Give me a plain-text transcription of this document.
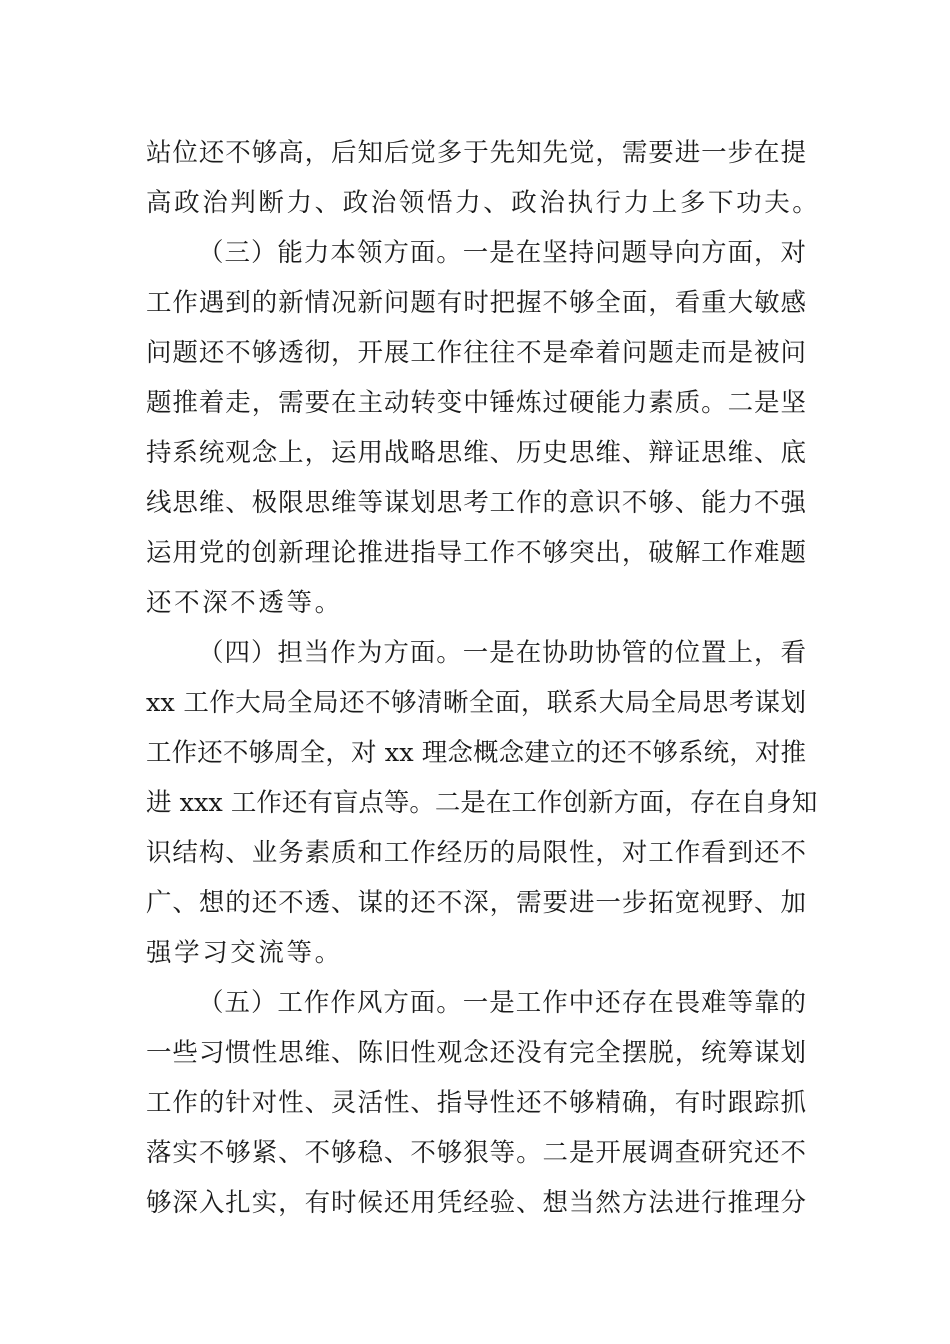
站位还不够高，后知后觉多于先知先觉，需要进一步在提
高政治判断力、政治领悟力、政治执行力上多下功夫。
（三）能力本领方面。一是在坚持问题导向方面，对
工作遇到的新情况新问题有时把握不够全面，看重大敏感
问题还不够透彻，开展工作往往不是牵着问题走而是被问
题推着走，需要在主动转变中锤炼过硬能力素质。二是坚
持系统观念上，运用战略思维、历史思维、辩证思维、底
线思维、极限思维等谋划思考工作的意识不够、能力不强
运用党的创新理论推进指导工作不够突出，破解工作难题
还不深不透等。
（四）担当作为方面。一是在协助协管的位置上，看
xx 工作大局全局还不够清晰全面，联系大局全局思考谋划
工作还不够周全，对 xx 理念概念建立的还不够系统，对推
进 xxx 工作还有盲点等。二是在工作创新方面，存在自身知
识结构、业务素质和工作经历的局限性，对工作看到还不
广、想的还不透、谋的还不深，需要进一步拓宽视野、加
强学习交流等。
（五）工作作风方面。一是工作中还存在畏难等靠的
一些习惯性思维、陈旧性观念还没有完全摆脱，统筹谋划
工作的针对性、灵活性、指导性还不够精确，有时跟踪抓
落实不够紧、不够稳、不够狠等。二是开展调查研究还不
够深入扎实，有时候还用凭经验、想当然方法进行推理分
